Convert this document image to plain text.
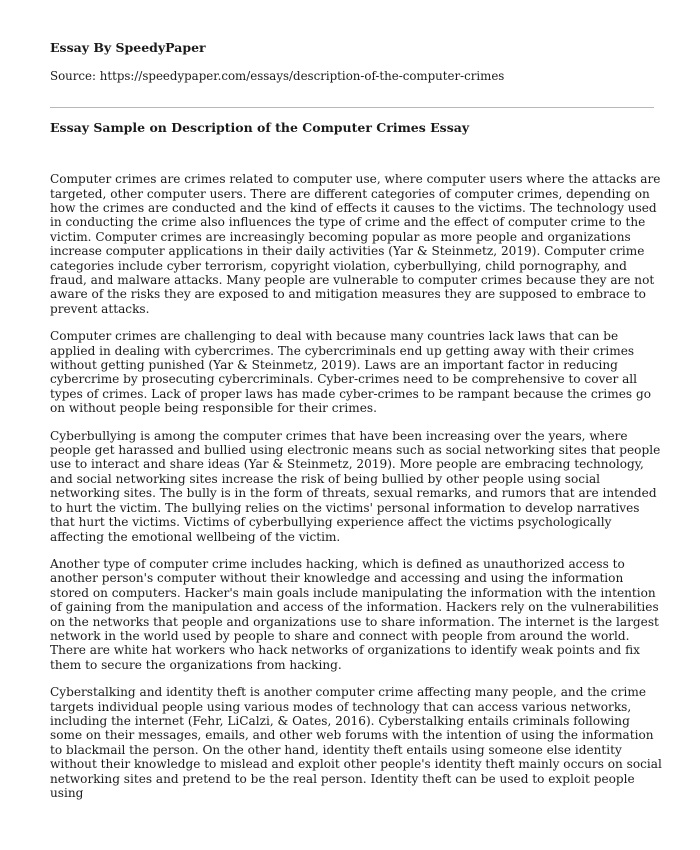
Essay By SpeedyPaper

Source: https://speedypaper.com/essays/description-of-the-computer-crimes

Essay Sample on Description of the Computer Crimes Essay

Computer crimes are crimes related to computer use, where computer users where the attacks are targeted, other computer users. There are different categories of computer crimes, depending on how the crimes are conducted and the kind of effects it causes to the victims. The technology used in conducting the crime also influences the type of crime and the effect of computer crime to the victim. Computer crimes are increasingly becoming popular as more people and organizations increase computer applications in their daily activities (Yar & Steinmetz, 2019). Computer crime categories include cyber terrorism, copyright violation, cyberbullying, child pornography, and fraud, and malware attacks. Many people are vulnerable to computer crimes because they are not aware of the risks they are exposed to and mitigation measures they are supposed to embrace to prevent attacks.

Computer crimes are challenging to deal with because many countries lack laws that can be applied in dealing with cybercrimes. The cybercriminals end up getting away with their crimes without getting punished (Yar & Steinmetz, 2019). Laws are an important factor in reducing cybercrime by prosecuting cybercriminals. Cyber-crimes need to be comprehensive to cover all types of crimes. Lack of proper laws has made cyber-crimes to be rampant because the crimes go on without people being responsible for their crimes.

Cyberbullying is among the computer crimes that have been increasing over the years, where people get harassed and bullied using electronic means such as social networking sites that people use to interact and share ideas (Yar & Steinmetz, 2019). More people are embracing technology, and social networking sites increase the risk of being bullied by other people using social networking sites. The bully is in the form of threats, sexual remarks, and rumors that are intended to hurt the victim. The bullying relies on the victims' personal information to develop narratives that hurt the victims. Victims of cyberbullying experience affect the victims psychologically affecting the emotional wellbeing of the victim.

Another type of computer crime includes hacking, which is defined as unauthorized access to another person's computer without their knowledge and accessing and using the information stored on computers. Hacker's main goals include manipulating the information with the intention of gaining from the manipulation and access of the information. Hackers rely on the vulnerabilities on the networks that people and organizations use to share information. The internet is the largest network in the world used by people to share and connect with people from around the world. There are white hat workers who hack networks of organizations to identify weak points and fix them to secure the organizations from hacking.

Cyberstalking and identity theft is another computer crime affecting many people, and the crime targets individual people using various modes of technology that can access various networks, including the internet (Fehr, LiCalzi, & Oates, 2016). Cyberstalking entails criminals following some on their messages, emails, and other web forums with the intention of using the information to blackmail the person. On the other hand, identity theft entails using someone else identity without their knowledge to mislead and exploit other people's identity theft mainly occurs on social networking sites and pretend to be the real person. Identity theft can be used to exploit people using
